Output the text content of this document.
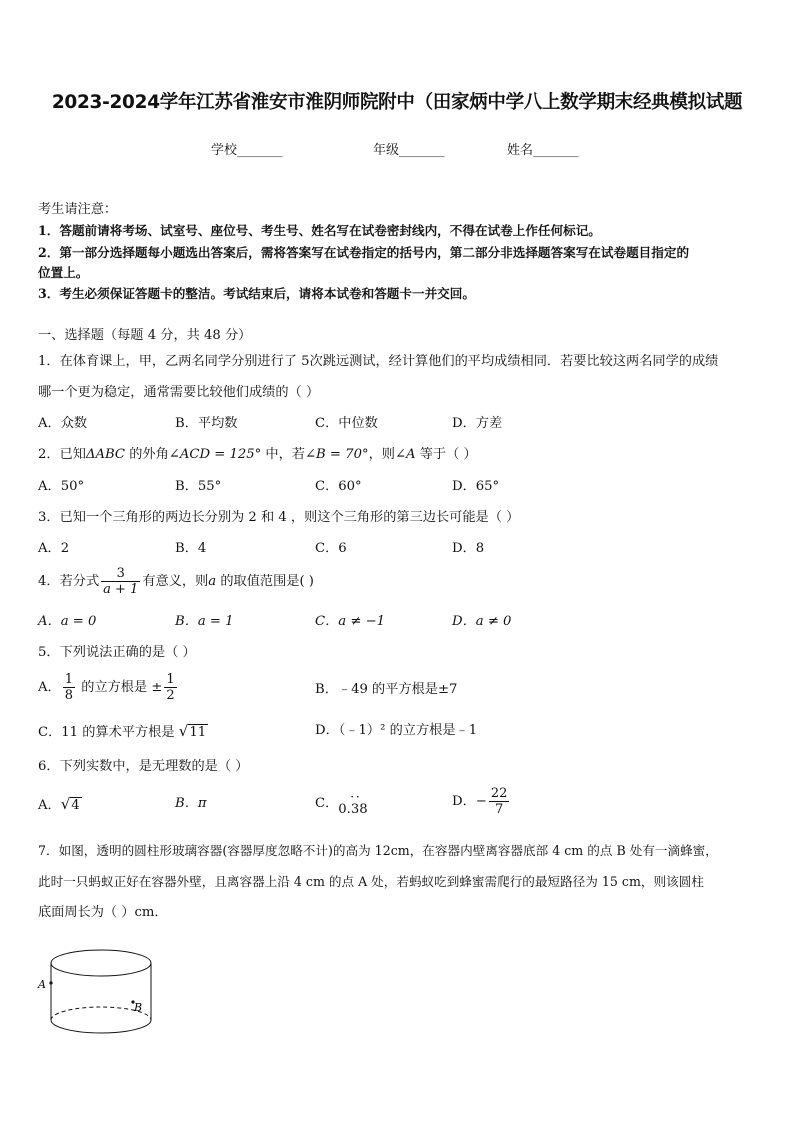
2023-2024学年江苏省淮安市淮阴师院附中（田家炳中学八上数学期末经典模拟试题
学校_______	年级_______	姓名_______
考生请注意：
1．答题前请将考场、试室号、座位号、考生号、姓名写在试卷密封线内，不得在试卷上作任何标记。
2．第一部分选择题每小题选出答案后，需将答案写在试卷指定的括号内，第二部分非选择题答案写在试卷题目指定的
位置上。
3．考生必须保证答题卡的整洁。考试结束后，请将本试卷和答题卡一并交回。
一、选择题（每题 4 分，共 48 分）
1．在体育课上，甲，乙两名同学分别进行了 5次跳远测试，经计算他们的平均成绩相同．若要比较这两名同学的成绩
哪一个更为稳定，通常需要比较他们成绩的（ ）
A．众数	B．平均数	C．中位数	D．方差
2．已知ΔABC 的外角∠ACD = 125° 中，若∠B = 70°，则∠A 等于（ ）
A．50°	B．55°	C．60°	D．65°
3．已知一个三角形的两边长分别为 2 和 4 ，则这个三角形的第三边长可能是（ ）
A．2	B．4	C．6	D．8
4．若分式 $\frac{3}{a + 1}$ 有意义，则a 的取值范围是( )
A．a = 0	B．a = 1	C．a ≠ −1	D．a ≠ 0
5．下列说法正确的是（ ）
A． $\frac{1}{8}$ 的立方根是 ± $\frac{1}{2}$	B．﹣49 的平方根是±7
C．11 的算术平方根是 √11	D．（﹣1）² 的立方根是﹣1
6．下列实数中，是无理数的是（ ）
A．√4	B．π	C． · ·
0.38
D．− $\frac{22}{7}$
7．如图，透明的圆柱形玻璃容器(容器厚度忽略不计)的高为 12cm，在容器内壁离容器底部 4 cm 的点 B 处有一滴蜂蜜，
此时一只蚂蚁正好在容器外壁，且离容器上沿 4 cm 的点 A 处，若蚂蚁吃到蜂蜜需爬行的最短路径为 15 cm，则该圆柱
底面周长为（ ）cm．
A
B
